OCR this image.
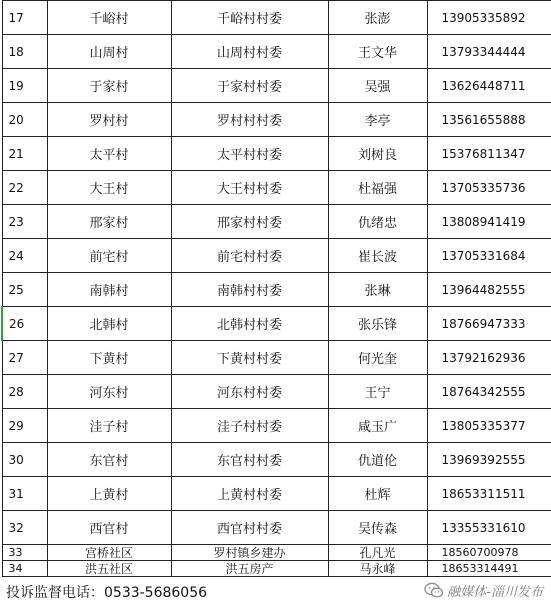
17	千峪村	千峪村村委	张澎	13905335892
18	山周村	山周村村委	王文华	13793344444
19	于家村	于家村村委	吴强	13626448711
20	罗村村	罗村村村委	李亭	13561655888
21	太平村	太平村村委	刘树良	15376811347
22	大王村	大王村村委	杜福强	13705335736
23	邢家村	邢家村村委	仇绪忠	13808941419
24	前宅村	前宅村村委	崔长波	13705331684
25	南韩村	南韩村村委	张琳	13964482555
26	北韩村	北韩村村委	张乐锋	18766947333
27	下黄村	下黄村村委	何光奎	13792162936
28	河东村	河东村村委	王宁	18764342555
29	洼子村	洼子村村委	咸玉广	13805335377
30	东官村	东官村村委	仇道伦	13969392555
31	上黄村	上黄村村委	杜辉	18653311511
32	西官村	西官村村委	吴传森	13355331610
33	宫桥社区	罗村镇乡建办	孔凡光	18560700978
34	洪五社区	洪五房产	马永峰	18653314491
投诉监督电话：0533-5686056	融媒体-淄川发布
